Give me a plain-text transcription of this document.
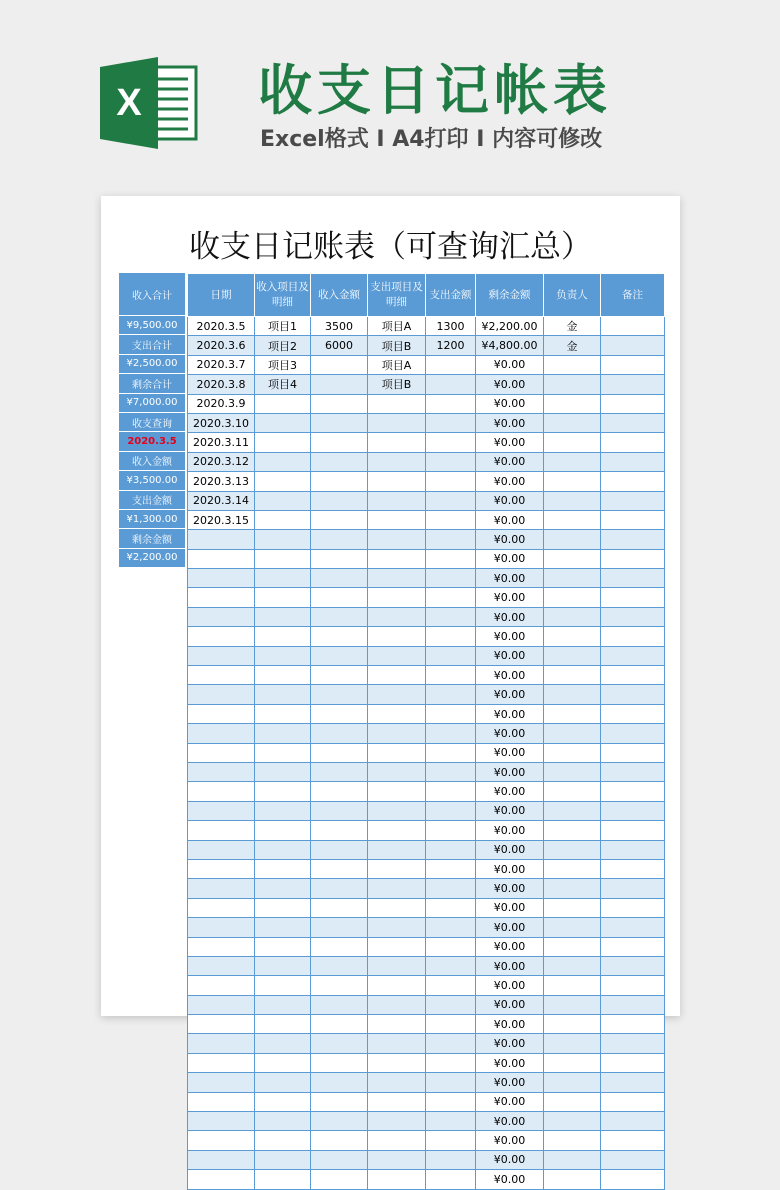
X 收支日记帐表
Excel格式 I A4打印 I 内容可修改
收支日记账表（可查询汇总）
收入合计
¥9,500.00
支出合计
¥2,500.00
剩余合计
¥7,000.00
收支查询
2020.3.5
收入金额
¥3,500.00
支出金额
¥1,300.00
剩余金额
¥2,200.00
日期	收入项目及明细	收入金额	支出项目及明细	支出金额	剩余金额	负责人	备注
2020.3.5	项目1	3500	项目A	1300	¥2,200.00	金	
2020.3.6	项目2	6000	项目B	1200	¥4,800.00	金	
2020.3.7	项目3		项目A		¥0.00		
2020.3.8	项目4		项目B		¥0.00		
2020.3.9					¥0.00		
2020.3.10					¥0.00		
2020.3.11					¥0.00		
2020.3.12					¥0.00		
2020.3.13					¥0.00		
2020.3.14					¥0.00		
2020.3.15					¥0.00		
					¥0.00		
					¥0.00		
					¥0.00		
					¥0.00		
					¥0.00		
					¥0.00		
					¥0.00		
					¥0.00		
					¥0.00		
					¥0.00		
					¥0.00		
					¥0.00		
					¥0.00		
					¥0.00		
					¥0.00		
					¥0.00		
					¥0.00		
					¥0.00		
					¥0.00		
					¥0.00		
					¥0.00		
					¥0.00		
					¥0.00		
					¥0.00		
					¥0.00		
					¥0.00		
					¥0.00		
					¥0.00		
					¥0.00		
					¥0.00		
					¥0.00		
					¥0.00		
					¥0.00		
					¥0.00		
